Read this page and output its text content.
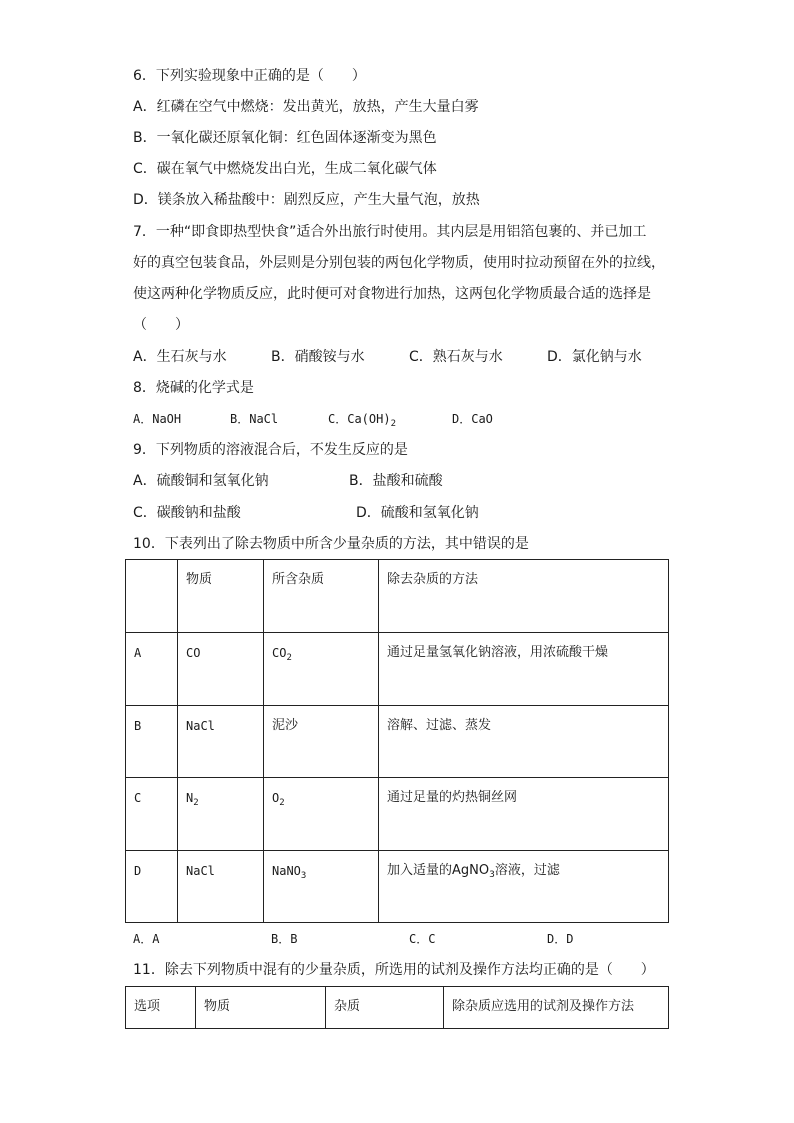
6．下列实验现象中正确的是（　　）
A．红磷在空气中燃烧：发出黄光，放热，产生大量白雾
B．一氧化碳还原氧化铜：红色固体逐渐变为黑色
C．碳在氧气中燃烧发出白光，生成二氧化碳气体
D．镁条放入稀盐酸中：剧烈反应，产生大量气泡，放热
7．一种“即食即热型快食”适合外出旅行时使用。其内层是用铝箔包裹的、并已加工
好的真空包装食品，外层则是分别包装的两包化学物质，使用时拉动预留在外的拉线，
使这两种化学物质反应，此时便可对食物进行加热，这两包化学物质最合适的选择是
（　　）
A．生石灰与水	B．硝酸铵与水	C．熟石灰与水	D．氯化钠与水
8．烧碱的化学式是
A．NaOH	B．NaCl	C．$Ca(OH)_2$	D．CaO
9．下列物质的溶液混合后，不发生反应的是
A．硫酸铜和氢氧化钠	B．盐酸和硫酸
C．碳酸钠和盐酸	D．硫酸和氢氧化钠
10．下表列出了除去物质中所含少量杂质的方法，其中错误的是

	物质	所含杂质	除去杂质的方法

A	CO	$CO_2$	通过足量氢氧化钠溶液，用浓硫酸干燥

B	NaCl	泥沙	溶解、过滤、蒸发

C	$N_2$	$O_2$	通过足量的灼热铜丝网

D	NaCl	NaNO$_3$	加入适量的AgNO$_3$溶液，过滤
A．A	B．B	C．C	D．D
11．除去下列物质中混有的少量杂质，所选用的试剂及操作方法均正确的是（　　）
选项	物质	杂质	除杂质应选用的试剂及操作方法
